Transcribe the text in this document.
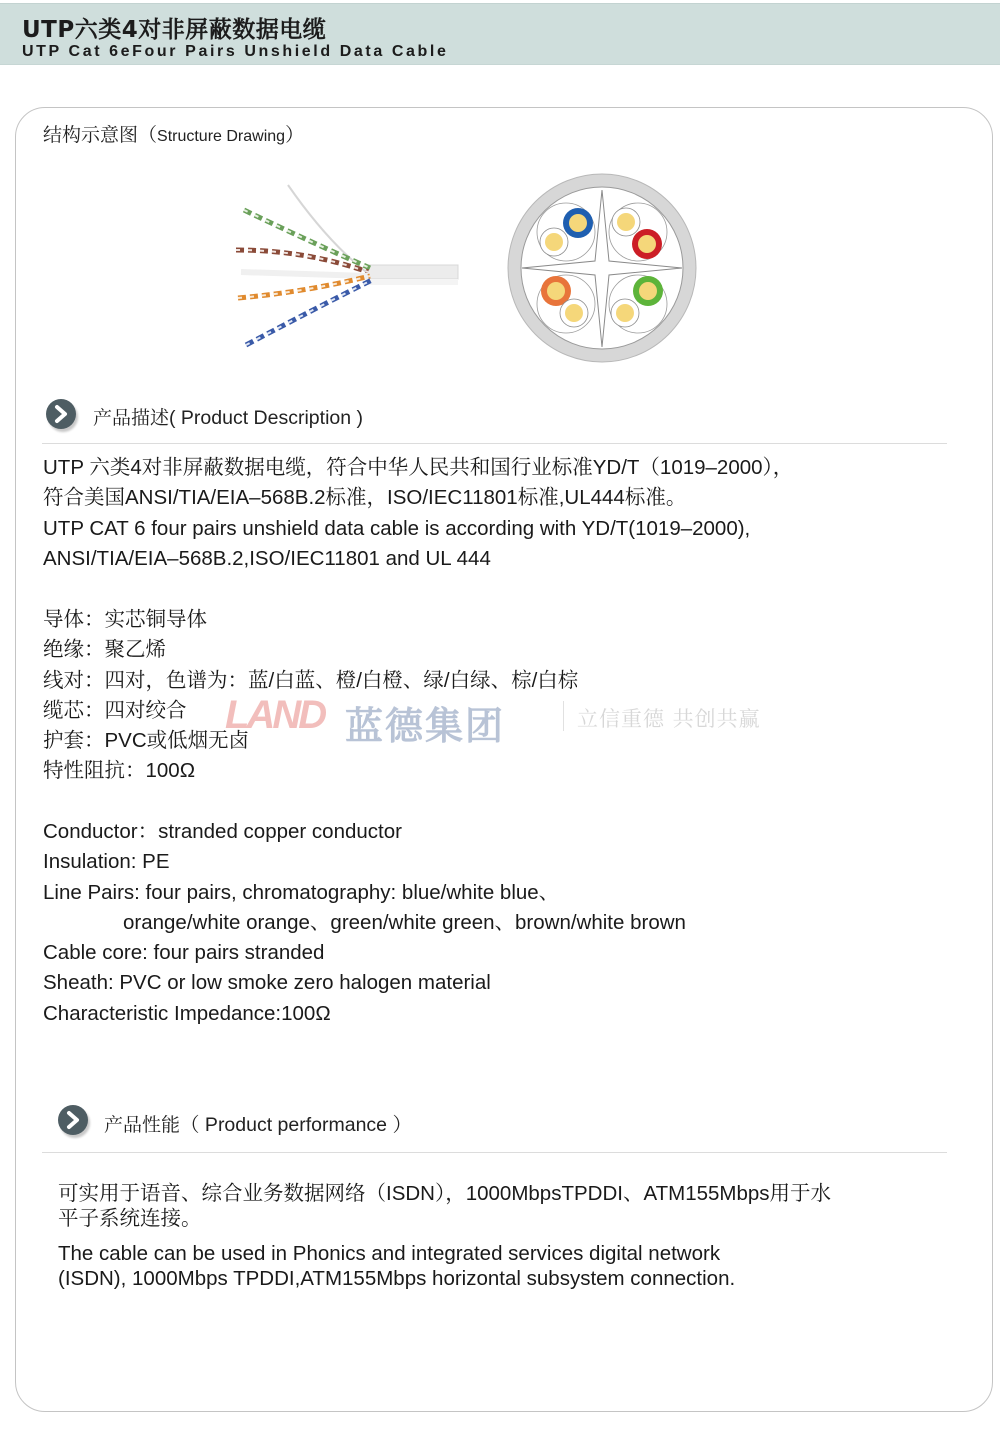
UTP六类4对非屏蔽数据电缆
UTP Cat 6eFour Pairs Unshield Data Cable
结构示意图（Structure Drawing）
产品描述( Product Description )
UTP 六类4对非屏蔽数据电缆，符合中华人民共和国行业标准YD/T（1019–2000），
符合美国ANSI/TIA/EIA–568B.2标准，ISO/IEC11801标准,UL444标准。
UTP CAT 6 four pairs unshield data cable is according with YD/T(1019–2000),
ANSI/TIA/EIA–568B.2,ISO/IEC11801 and UL 444
导体：实芯铜导体
绝缘：聚乙烯
线对：四对，色谱为：蓝/白蓝、橙/白橙、绿/白绿、棕/白棕
缆芯：四对绞合
护套：PVC或低烟无卤
特性阻抗：100Ω
LAND 蓝德集团	立信重德 共创共赢
Conductor：stranded copper conductor
Insulation: PE
Line Pairs: four pairs, chromatography: blue/white blue、
orange/white orange、green/white green、brown/white brown
Cable core: four pairs stranded
Sheath: PVC or low smoke zero halogen material
Characteristic Impedance:100Ω
产品性能（ Product performance ）
可实用于语音、综合业务数据网络（ISDN），1000MbpsTPDDI、ATM155Mbps用于水
平子系统连接。
The cable can be used in Phonics and integrated services digital network
(ISDN), 1000Mbps TPDDI,ATM155Mbps horizontal subsystem connection.
